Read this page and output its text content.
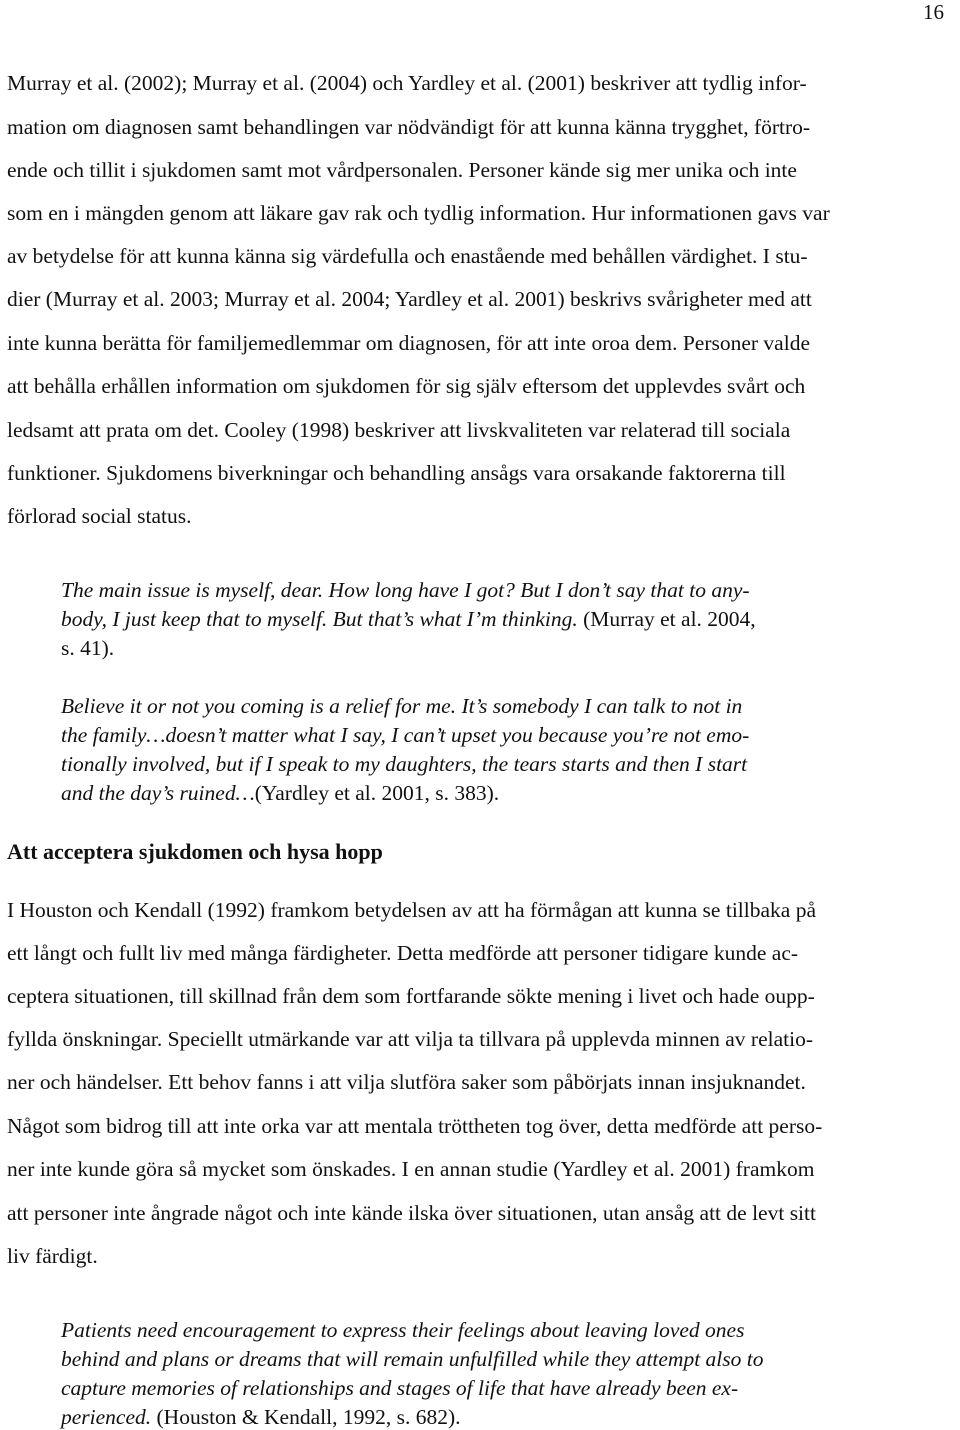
16
Murray et al. (2002); Murray et al. (2004) och Yardley et al. (2001) beskriver att tydlig infor-
mation om diagnosen samt behandlingen var nödvändigt för att kunna känna trygghet, förtro-
ende och tillit i sjukdomen samt mot vårdpersonalen. Personer kände sig mer unika och inte
som en i mängden genom att läkare gav rak och tydlig information. Hur informationen gavs var
av betydelse för att kunna känna sig värdefulla och enastående med behållen värdighet. I stu-
dier (Murray et al. 2003; Murray et al. 2004; Yardley et al. 2001) beskrivs svårigheter med att
inte kunna berätta för familjemedlemmar om diagnosen, för att inte oroa dem. Personer valde
att behålla erhållen information om sjukdomen för sig själv eftersom det upplevdes svårt och
ledsamt att prata om det. Cooley (1998) beskriver att livskvaliteten var relaterad till sociala
funktioner. Sjukdomens biverkningar och behandling ansågs vara orsakande faktorerna till
förlorad social status.
The main issue is myself, dear. How long have I got? But I don’t say that to any-
body, I just keep that to myself. But that’s what I’m thinking. (Murray et al. 2004,
s. 41).
Believe it or not you coming is a relief for me. It’s somebody I can talk to not in
the family…doesn’t matter what I say, I can’t upset you because you’re not emo-
tionally involved, but if I speak to my daughters, the tears starts and then I start
and the day’s ruined…(Yardley et al. 2001, s. 383).
Att acceptera sjukdomen och hysa hopp
I Houston och Kendall (1992) framkom betydelsen av att ha förmågan att kunna se tillbaka på
ett långt och fullt liv med många färdigheter. Detta medförde att personer tidigare kunde ac-
ceptera situationen, till skillnad från dem som fortfarande sökte mening i livet och hade oupp-
fyllda önskningar. Speciellt utmärkande var att vilja ta tillvara på upplevda minnen av relatio-
ner och händelser. Ett behov fanns i att vilja slutföra saker som påbörjats innan insjuknandet.
Något som bidrog till att inte orka var att mentala tröttheten tog över, detta medförde att perso-
ner inte kunde göra så mycket som önskades. I en annan studie (Yardley et al. 2001) framkom
att personer inte ångrade något och inte kände ilska över situationen, utan ansåg att de levt sitt
liv färdigt.
Patients need encouragement to express their feelings about leaving loved ones
behind and plans or dreams that will remain unfulfilled while they attempt also to
capture memories of relationships and stages of life that have already been ex-
perienced. (Houston & Kendall, 1992, s. 682).
